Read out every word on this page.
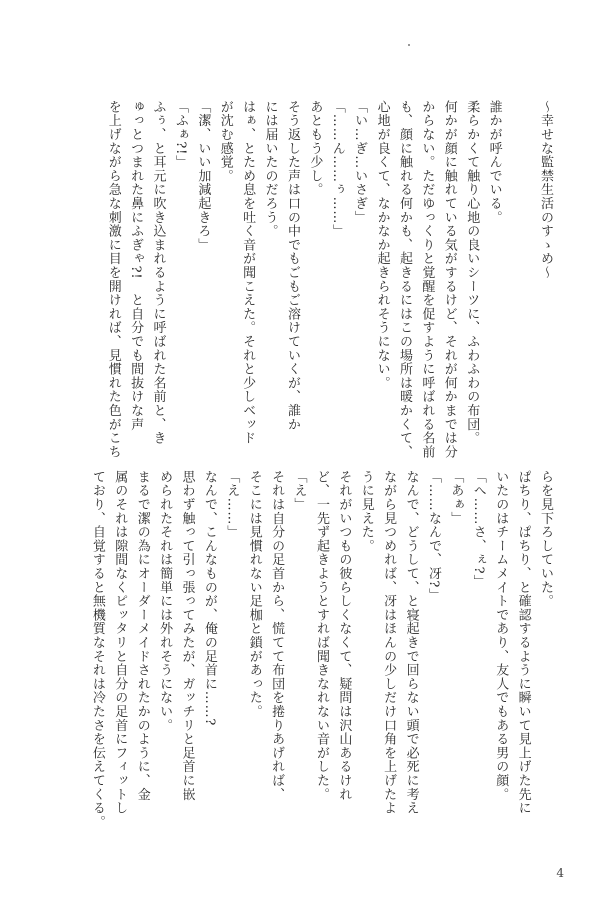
〜幸せな監禁生活のすゝめ〜

誰かが呼んでいる。

柔らかくて触り心地の良いシーツに、ふわふわの布団。

何かが顔に触れている気がするけど、それが何かまでは分

からない。ただゆっくりと覚醒を促すように呼ばれる名前

も、顔に触れる何かも、起きるにはこの場所は暖かくて、

心地が良くて、なかなか起きられそうにない。

「い…ぎ…いさぎ」

「……ん……ぅ……」

あともう少し。

そう返した声は口の中でもごもご溶けていくが、誰か

には届いたのだろう。

はぁ、とため息を吐く音が聞こえた。それと少しベッド

が沈む感覚。

「潔、いい加減起きろ」

「ふぁ?!」

ふぅ、と耳元に吹き込まれるように呼ばれた名前と、き

ゅっとつまれた鼻にふぎゃ?!　と自分でも間抜けな声

を上げながら急な刺激に目を開ければ、見慣れた色がこち

らを見下ろしていた。

ぱちり、ぱちり、と確認するように瞬いて見上げた先に

いたのはチームメイトであり、友人でもある男の顔。

「へ……さ、ぇ?」

「あぁ」

「……なんで、冴?」

なんで、どうして、と寝起きで回らない頭で必死に考え

ながら見つめれば、冴はほんの少しだけ口角を上げたよ

うに見えた。

それがいつもの彼らしくなくて、疑問は沢山あるけれ

ど、一先ず起きようとすれば聞きなれない音がした。

「え」

それは自分の足首から、慌てて布団を捲りあげれば、

そこには見慣れない足枷と鎖があった。

「え……」

なんで、こんなものが、俺の足首に……?

思わず触って引っ張ってみたが、ガッチリと足首に嵌

められたそれは簡単には外れそうにない。

まるで潔の為にオーダーメイドされたかのように、金

属のそれは隙間なくピッタリと自分の足首にフィットし

ており、自覚すると無機質なそれは冷たさを伝えてくる。

4
